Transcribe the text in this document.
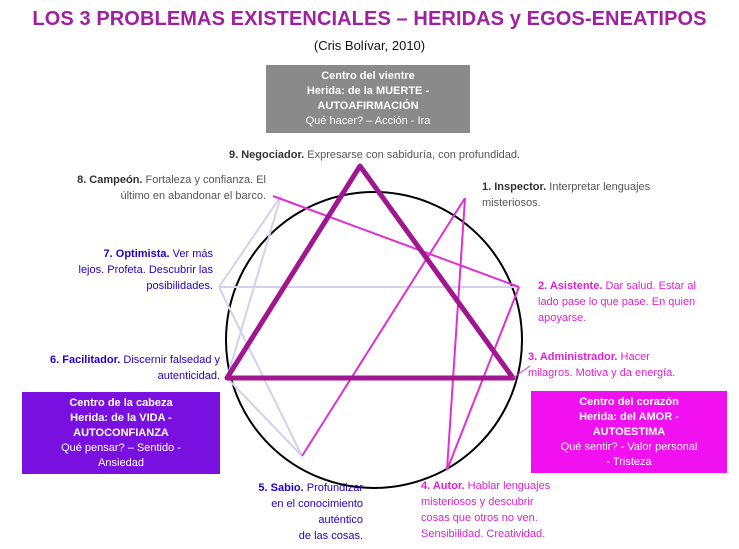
LOS 3 PROBLEMAS EXISTENCIALES – HERIDAS y EGOS-ENEATIPOS
(Cris Bolívar, 2010)
Centro del vientre
Herida: de la MUERTE -
AUTOAFIRMACIÓN
Qué hacer? – Acción - Ira
Centro de la cabeza
Herida: de la VIDA -
AUTOCONFIANZA
Qué pensar? – Sentido -
Ansiedad
Centro del corazón
Herida: del AMOR -
AUTOESTIMA
Qué sentir? - Valor personal
- Tristeza
9. Negociador. Expresarse con sabiduría, con profundidad.
8. Campeón. Fortaleza y confianza. El
último en abandonar el barco.
1. Inspector. Interpretar lenguajes
misteriosos.
7. Optimista. Ver más
lejos. Profeta. Descubrir las
posibilidades.	2. Asistente. Dar salud. Estar al
lado pase lo que pase. En quien
apoyarse.
6. Facilitador. Discernir falsedad y
autenticidad.
3. Administrador. Hacer
milagros. Motiva y da energía.
5. Sabio. Profundizar
en el conocimiento
auténtico
de las cosas.
4. Autor. Hablar lenguajes
misteriosos y descubrir
cosas que otros no ven.
Sensibilidad. Creatividad.
